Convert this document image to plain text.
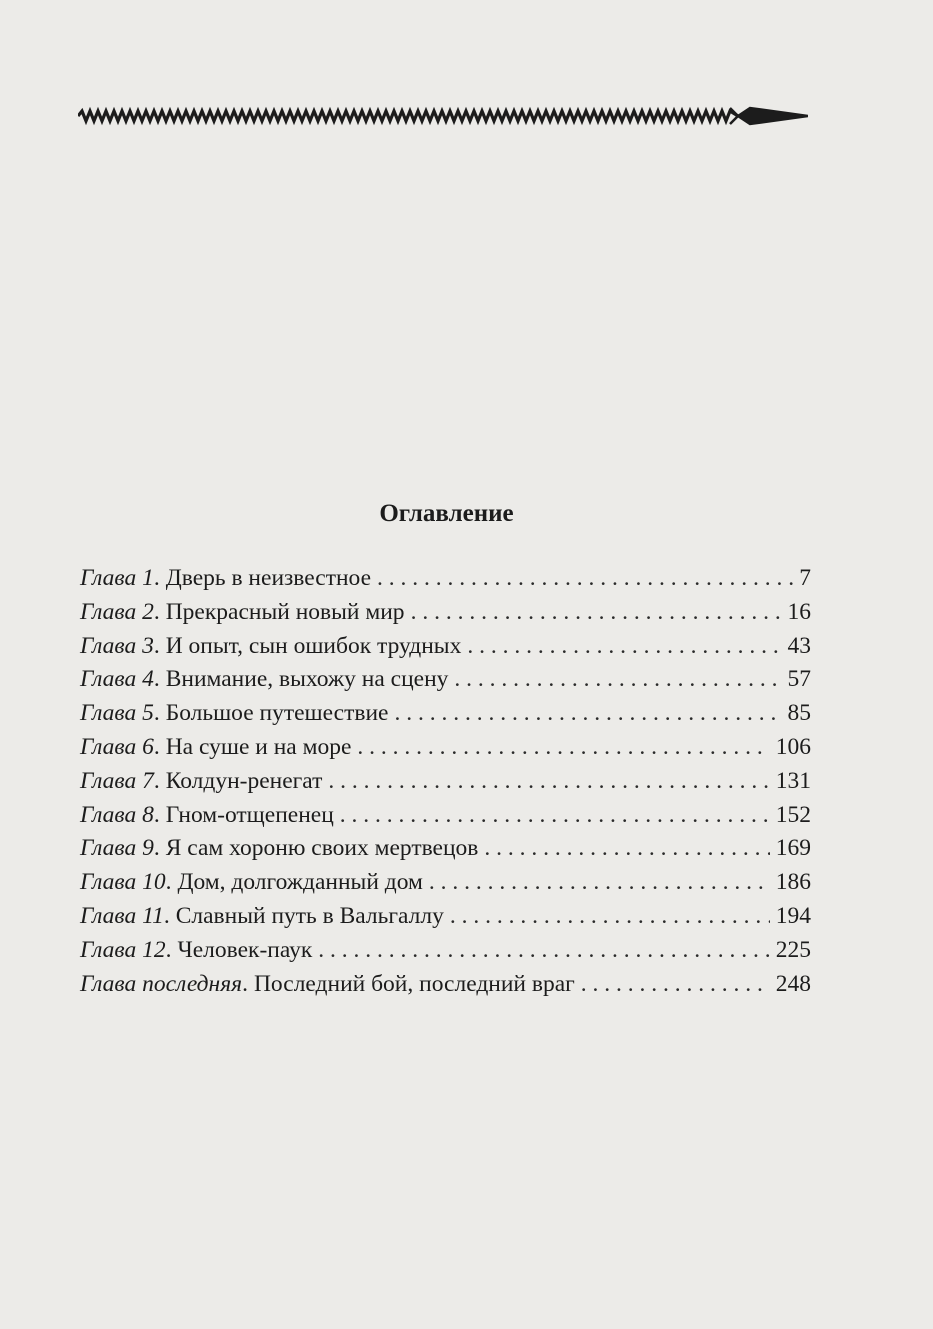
Оглавление
Глава 1 . Дверь в неизвестное . . .	7
Глава 2 . Прекрасный новый мир . . .	16
Глава 3 . И опыт, сын ошибок трудных . . .	43
Глава 4 . Внимание, выхожу на сцену . . .	57
Глава 5 . Большое путешествие . . .	85
Глава 6 . На суше и на море . . .	106
Глава 7 . Колдун-ренегат . . .	131
Глава 8 . Гном-отщепенец . . .	152
Глава 9 . Я сам хороню своих мертвецов . . .	169
Глава 10 . Дом, долгожданный дом . . .	186
Глава 11 . Славный путь в Вальгаллу . . .	194
Глава 12 . Человек-паук . . .	225
Глава последняя . Последний бой, последний враг . . .	248
